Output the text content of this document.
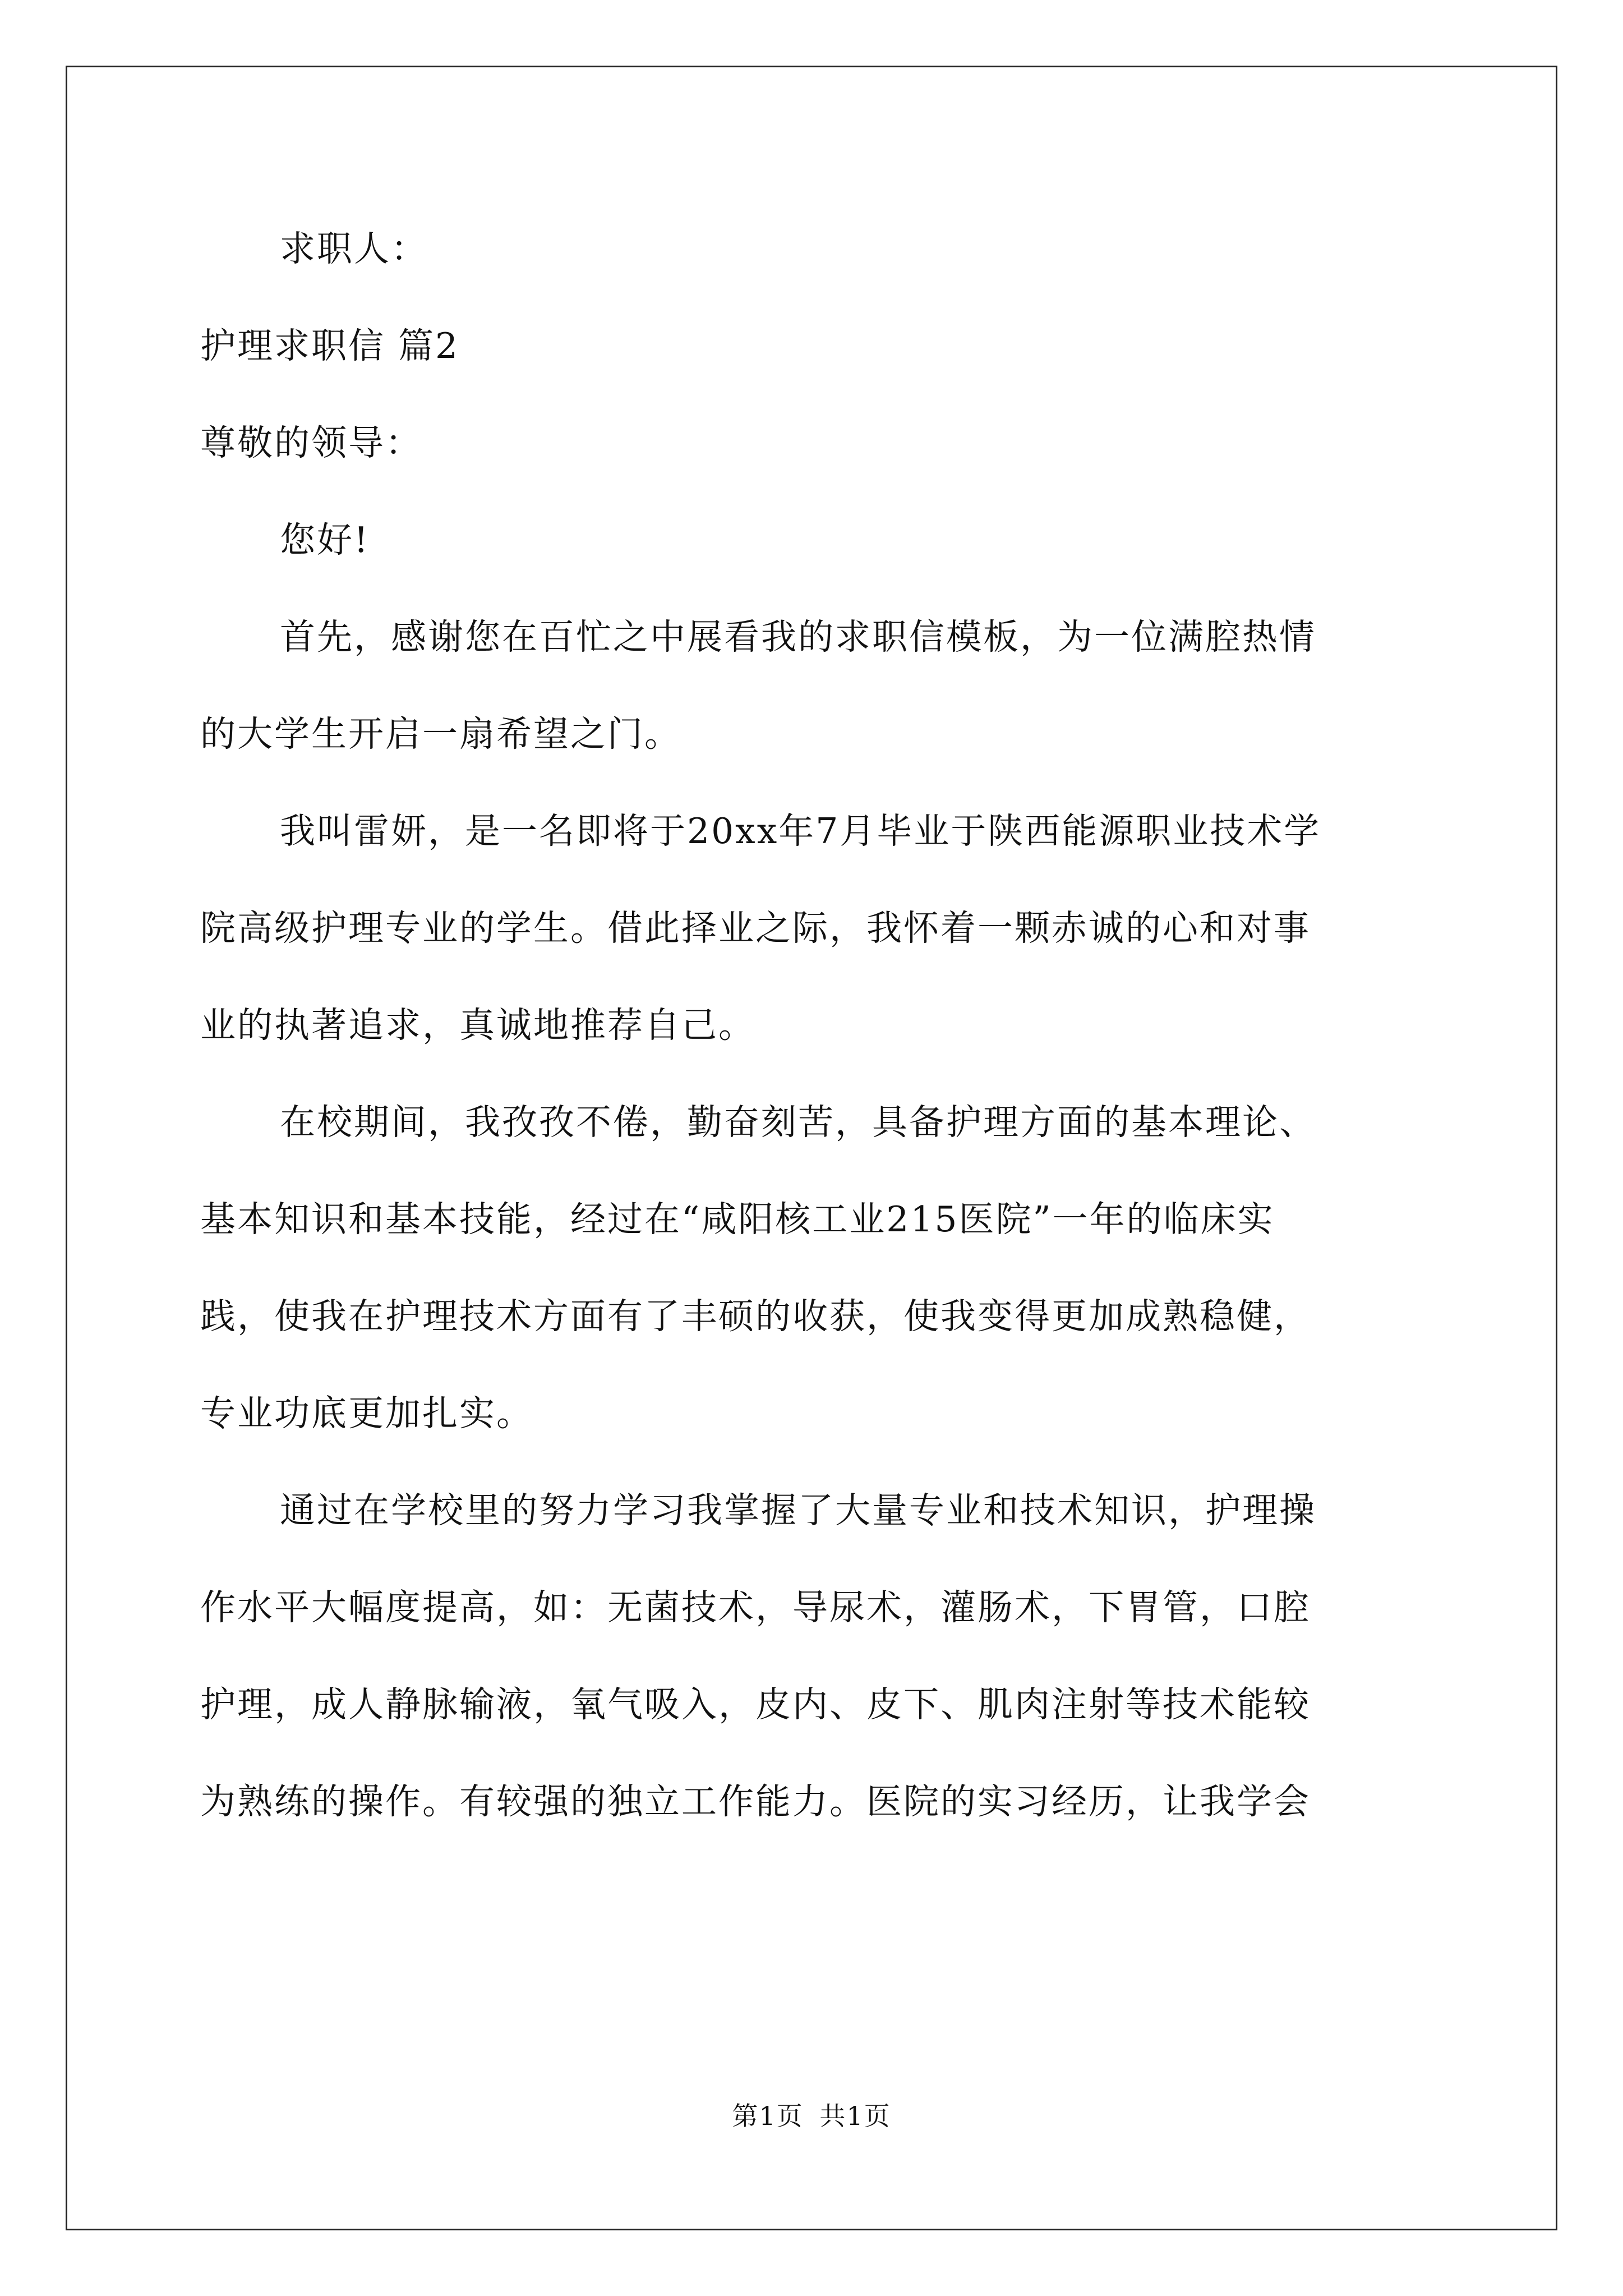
求职人：
护理求职信 篇2
尊敬的领导：
您好!
首先，感谢您在百忙之中展看我的求职信模板，为一位满腔热情
的大学生开启一扇希望之门。
我叫雷妍，是一名即将于20xx年7月毕业于陕西能源职业技术学
院高级护理专业的学生。借此择业之际，我怀着一颗赤诚的心和对事
业的执著追求，真诚地推荐自己。
在校期间，我孜孜不倦，勤奋刻苦，具备护理方面的基本理论、
基本知识和基本技能，经过在“咸阳核工业215医院”一年的临床实
践，使我在护理技术方面有了丰硕的收获，使我变得更加成熟稳健，
专业功底更加扎实。
通过在学校里的努力学习我掌握了大量专业和技术知识，护理操
作水平大幅度提高，如：无菌技术，导尿术，灌肠术，下胃管，口腔
护理，成人静脉输液，氧气吸入，皮内、皮下、肌肉注射等技术能较
为熟练的操作。有较强的独立工作能力。医院的实习经历，让我学会
第1页 共1页
